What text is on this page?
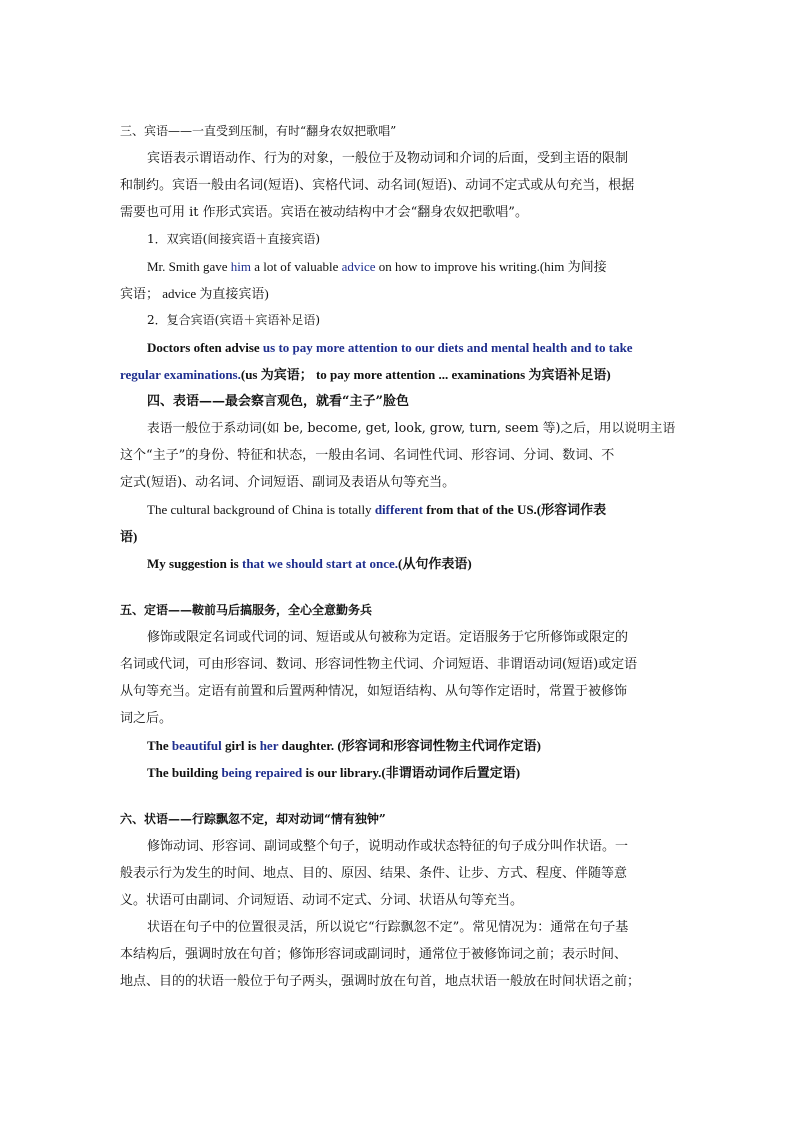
三、宾语——一直受到压制，有时“翻身农奴把歌唱”
宾语表示谓语动作、行为的对象，一般位于及物动词和介词的后面，受到主语的限制
和制约。宾语一般由名词(短语)、宾格代词、动名词(短语)、动词不定式或从句充当，根据
需要也可用 it 作形式宾语。宾语在被动结构中才会“翻身农奴把歌唱”。
1．双宾语(间接宾语＋直接宾语)
Mr. Smith gave him a lot of valuable advice on how to improve his writing.(him 为间接
宾语； advice 为直接宾语)
2．复合宾语(宾语＋宾语补足语)
Doctors often advise us to pay more attention to our diets and mental health and to take
regular examinations.(us 为宾语； to pay more attention ... examinations 为宾语补足语)
四、表语——最会察言观色，就看“主子”脸色
表语一般位于系动词(如 be, become, get, look, grow, turn, seem 等)之后，用以说明主语
这个“主子”的身份、特征和状态，一般由名词、名词性代词、形容词、分词、数词、不
定式(短语)、动名词、介词短语、副词及表语从句等充当。
The cultural background of China is totally different from that of the US.(形容词作表
语)
My suggestion is that we should start at once.(从句作表语)
五、定语——鞍前马后搞服务，全心全意勤务兵
修饰或限定名词或代词的词、短语或从句被称为定语。定语服务于它所修饰或限定的
名词或代词，可由形容词、数词、形容词性物主代词、介词短语、非谓语动词(短语)或定语
从句等充当。定语有前置和后置两种情况，如短语结构、从句等作定语时，常置于被修饰
词之后。
The beautiful girl is her daughter. (形容词和形容词性物主代词作定语)
The building being repaired is our library.(非谓语动词作后置定语)
六、状语——行踪飘忽不定，却对动词“情有独钟”
修饰动词、形容词、副词或整个句子，说明动作或状态特征的句子成分叫作状语。一
般表示行为发生的时间、地点、目的、原因、结果、条件、让步、方式、程度、伴随等意
义。状语可由副词、介词短语、动词不定式、分词、状语从句等充当。
状语在句子中的位置很灵活，所以说它“行踪飘忽不定”。常见情况为：通常在句子基
本结构后，强调时放在句首；修饰形容词或副词时，通常位于被修饰词之前；表示时间、
地点、目的的状语一般位于句子两头，强调时放在句首，地点状语一般放在时间状语之前；
